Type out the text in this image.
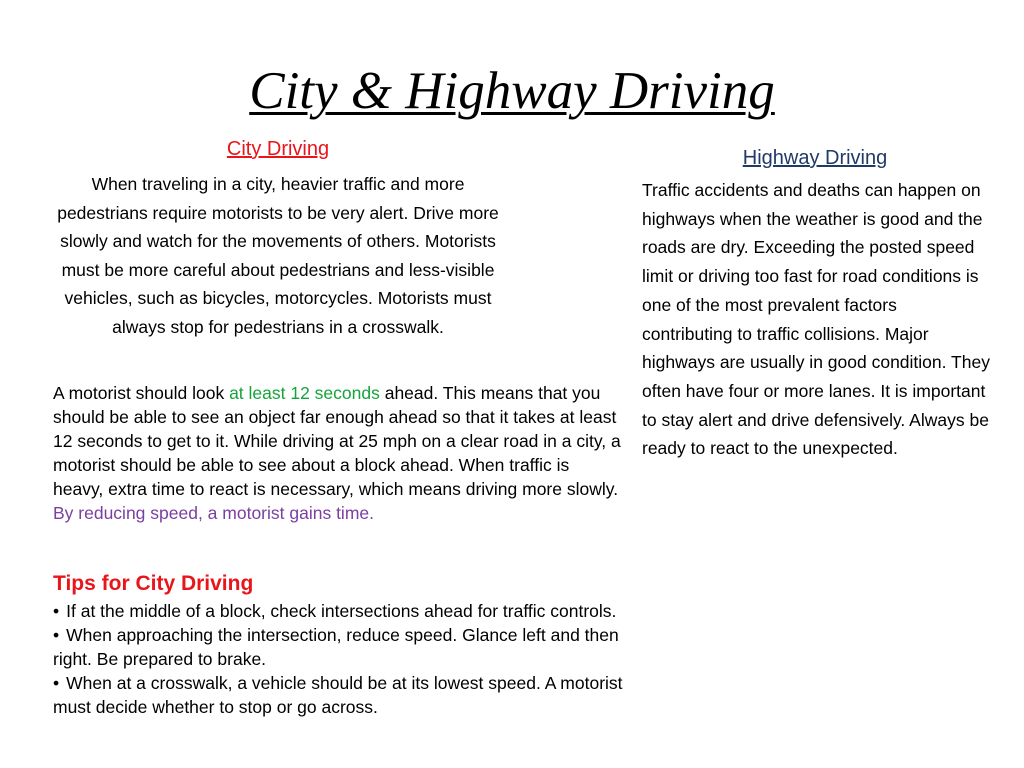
City & Highway Driving
City Driving

When traveling in a city, heavier traffic and more pedestrians require motorists to be very alert. Drive more slowly and watch for the movements of others. Motorists must be more careful about pedestrians and less-visible vehicles, such as bicycles, motorcycles. Motorists must always stop for pedestrians in a crosswalk.

A motorist should look at least 12 seconds ahead. This means that you should be able to see an object far enough ahead so that it takes at least 12 seconds to get to it. While driving at 25 mph on a clear road in a city, a motorist should be able to see about a block ahead. When traffic is heavy, extra time to react is necessary, which means driving more slowly. By reducing speed, a motorist gains time.

Tips for City Driving
• If at the middle of a block, check intersections ahead for traffic controls.
• When approaching the intersection, reduce speed. Glance left and then right. Be prepared to brake.
• When at a crosswalk, a vehicle should be at its lowest speed. A motorist must decide whether to stop or go across.
Highway Driving

Traffic accidents and deaths can happen on highways when the weather is good and the roads are dry. Exceeding the posted speed limit or driving too fast for road conditions is one of the most prevalent factors contributing to traffic collisions. Major highways are usually in good condition. They often have four or more lanes. It is important to stay alert and drive defensively. Always be ready to react to the unexpected.
